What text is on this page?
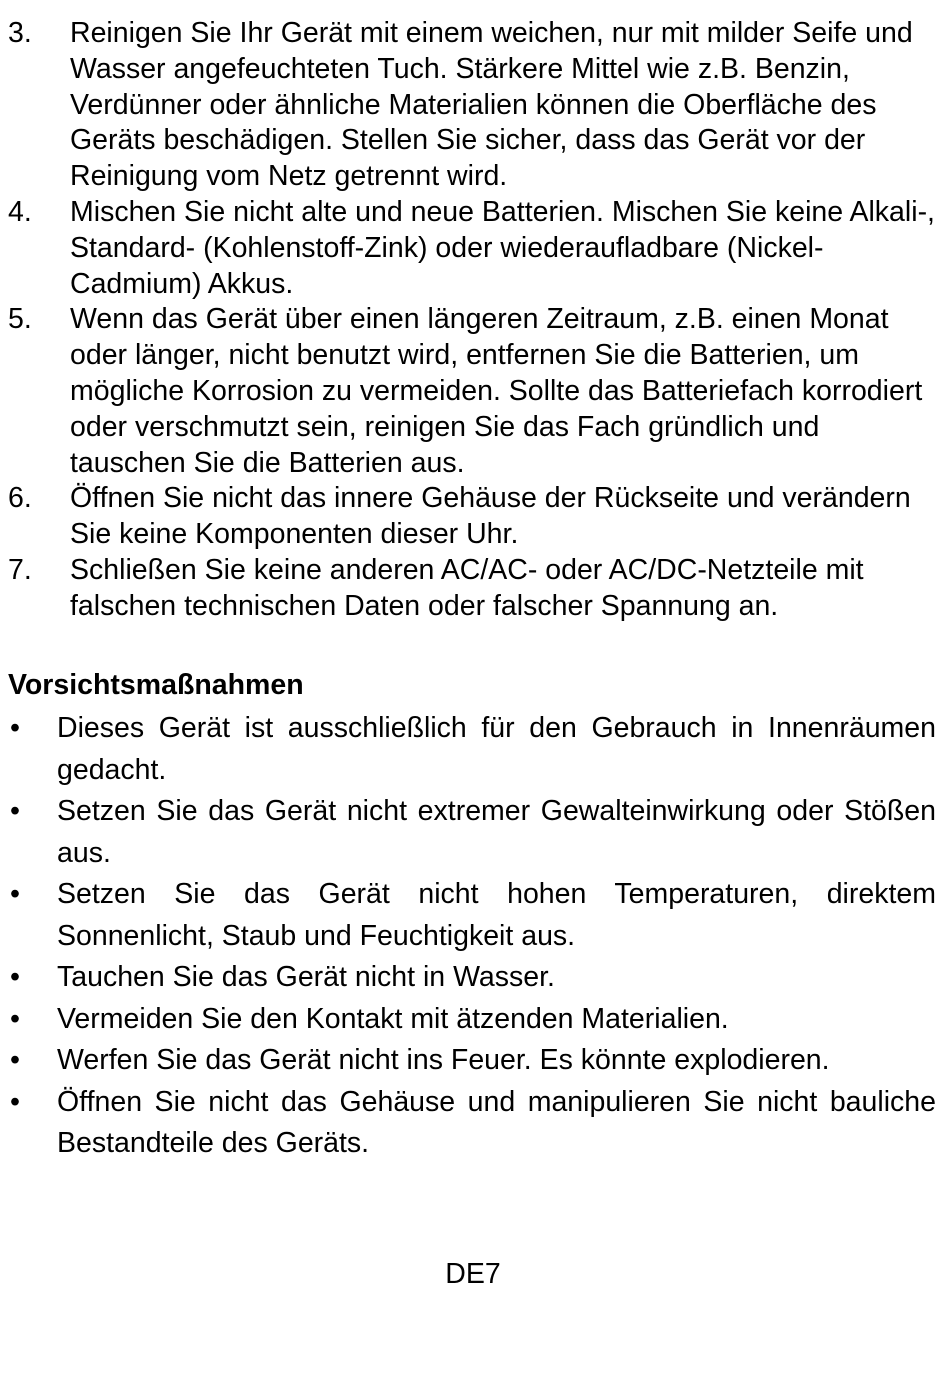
3.	Reinigen Sie Ihr Gerät mit einem weichen, nur mit milder Seife und Wasser angefeuchteten Tuch. Stärkere Mittel wie z.B. Benzin, Verdünner oder ähnliche Materialien können die Oberfläche des Geräts beschädigen. Stellen Sie sicher, dass das Gerät vor der Reinigung vom Netz getrennt wird.
4.	Mischen Sie nicht alte und neue Batterien. Mischen Sie keine Alkali-, Standard- (Kohlenstoff-Zink) oder wiederaufladbare (Nickel-Cadmium) Akkus.
5.	Wenn das Gerät über einen längeren Zeitraum, z.B. einen Monat oder länger, nicht benutzt wird, entfernen Sie die Batterien, um mögliche Korrosion zu vermeiden. Sollte das Batteriefach korrodiert oder verschmutzt sein, reinigen Sie das Fach gründlich und tauschen Sie die Batterien aus.
6.	Öffnen Sie nicht das innere Gehäuse der Rückseite und verändern Sie keine Komponenten dieser Uhr.
7.	Schließen Sie keine anderen AC/AC- oder AC/DC-Netzteile mit falschen technischen Daten oder falscher Spannung an.
Vorsichtsmaßnahmen
•	Dieses Gerät ist ausschließlich für den Gebrauch in Innenräumen gedacht.
•	Setzen Sie das Gerät nicht extremer Gewalteinwirkung oder Stößen aus.
•	Setzen Sie das Gerät nicht hohen Temperaturen, direktem Sonnenlicht, Staub und Feuchtigkeit aus.
•	Tauchen Sie das Gerät nicht in Wasser.
•	Vermeiden Sie den Kontakt mit ätzenden Materialien.
•	Werfen Sie das Gerät nicht ins Feuer. Es könnte explodieren.
•	Öffnen Sie nicht das Gehäuse und manipulieren Sie nicht bauliche Bestandteile des Geräts.
DE7
